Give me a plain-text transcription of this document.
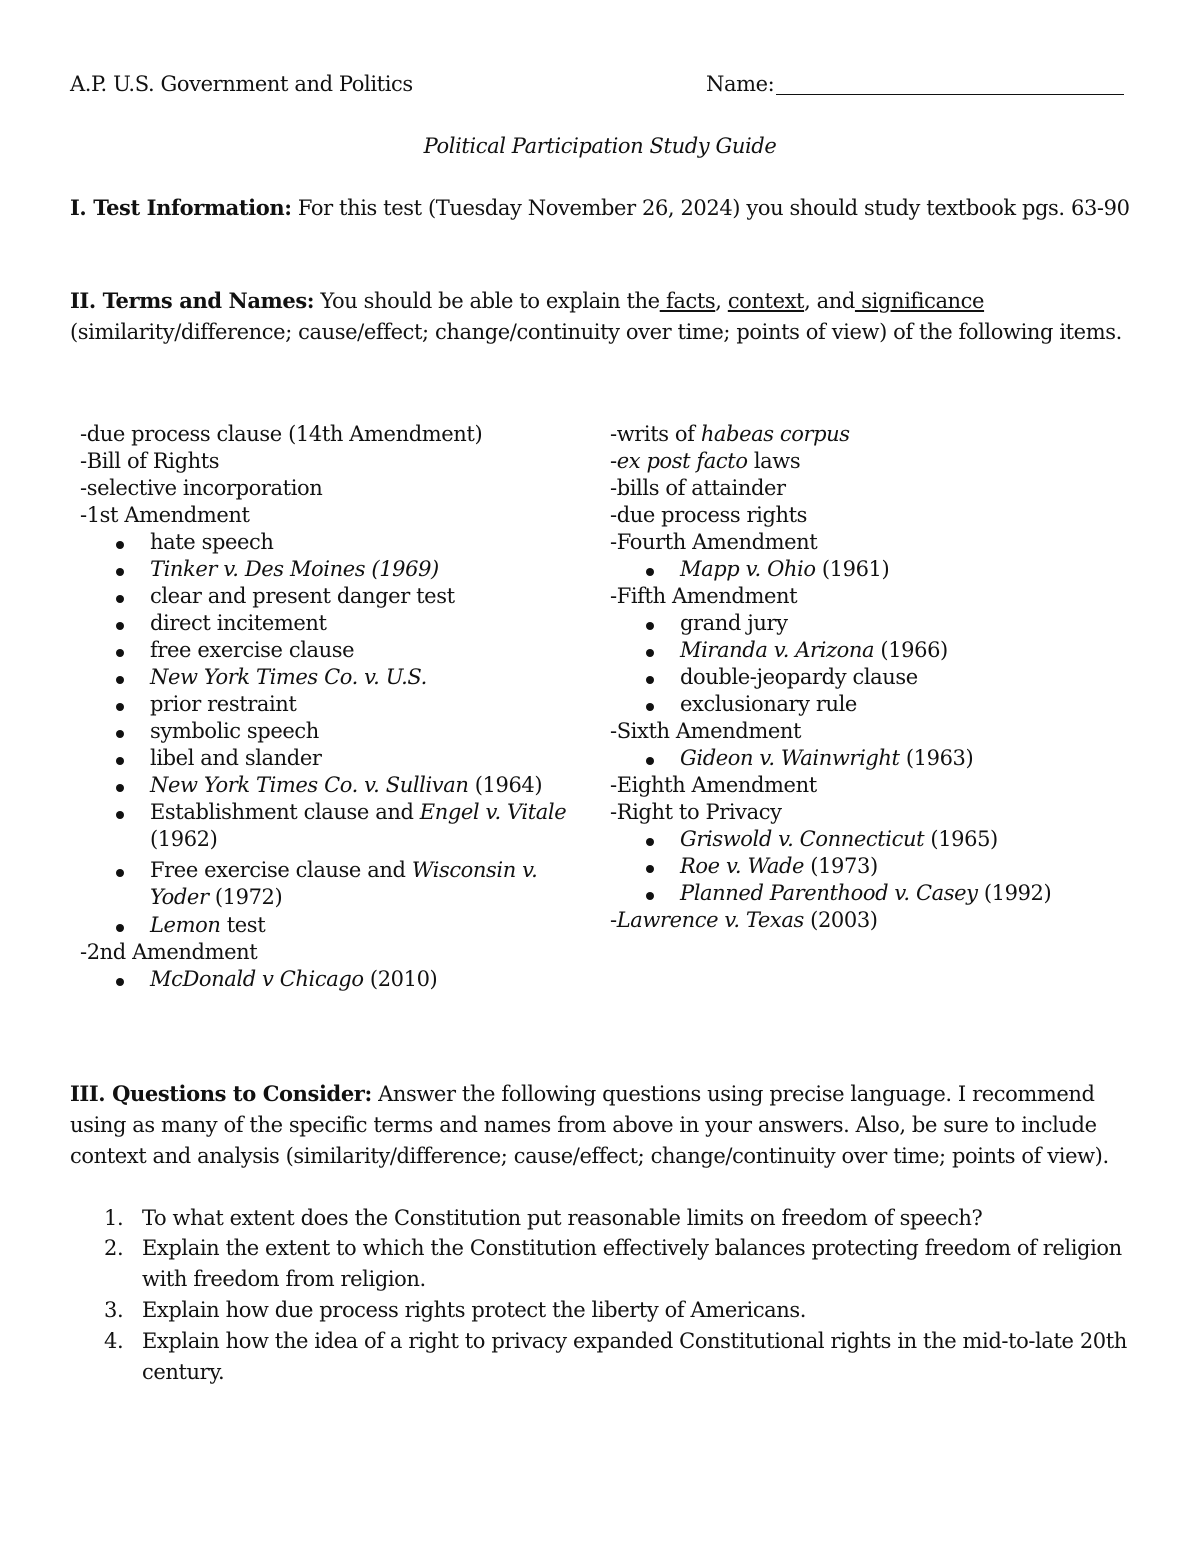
A.P. U.S. Government and Politics	Name:
Political Participation Study Guide
I. Test Information: For this test (Tuesday November 26, 2024) you should study textbook pgs. 63-90
II. Terms and Names: You should be able to explain the facts, context, and significance (similarity/difference; cause/effect; change/continuity over time; points of view) of the following items.
-due process clause (14th Amendment)
-Bill of Rights
-selective incorporation
-1st Amendment
hate speech
Tinker v. Des Moines (1969)
clear and present danger test
direct incitement
free exercise clause
New York Times Co. v. U.S.
prior restraint
symbolic speech
libel and slander
New York Times Co. v. Sullivan (1964)
Establishment clause and Engel v. Vitale
(1962)
Free exercise clause and Wisconsin v.
Yoder (1972)
Lemon test
-2nd Amendment
McDonald v Chicago (2010)
-writs of habeas corpus
-ex post facto laws
-bills of attainder
-due process rights
-Fourth Amendment
Mapp v. Ohio (1961)
-Fifth Amendment
grand jury
Miranda v. Arizona (1966)
double-jeopardy clause
exclusionary rule
-Sixth Amendment
Gideon v. Wainwright (1963)
-Eighth Amendment
-Right to Privacy
Griswold v. Connecticut (1965)
Roe v. Wade (1973)
Planned Parenthood v. Casey (1992)
-Lawrence v. Texas (2003)
III. Questions to Consider: Answer the following questions using precise language. I recommend using as many of the specific terms and names from above in your answers. Also, be sure to include context and analysis (similarity/difference; cause/effect; change/continuity over time; points of view).
1. To what extent does the Constitution put reasonable limits on freedom of speech?
2. Explain the extent to which the Constitution effectively balances protecting freedom of religion with freedom from religion.
3. Explain how due process rights protect the liberty of Americans.
4. Explain how the idea of a right to privacy expanded Constitutional rights in the mid-to-late 20th century.
